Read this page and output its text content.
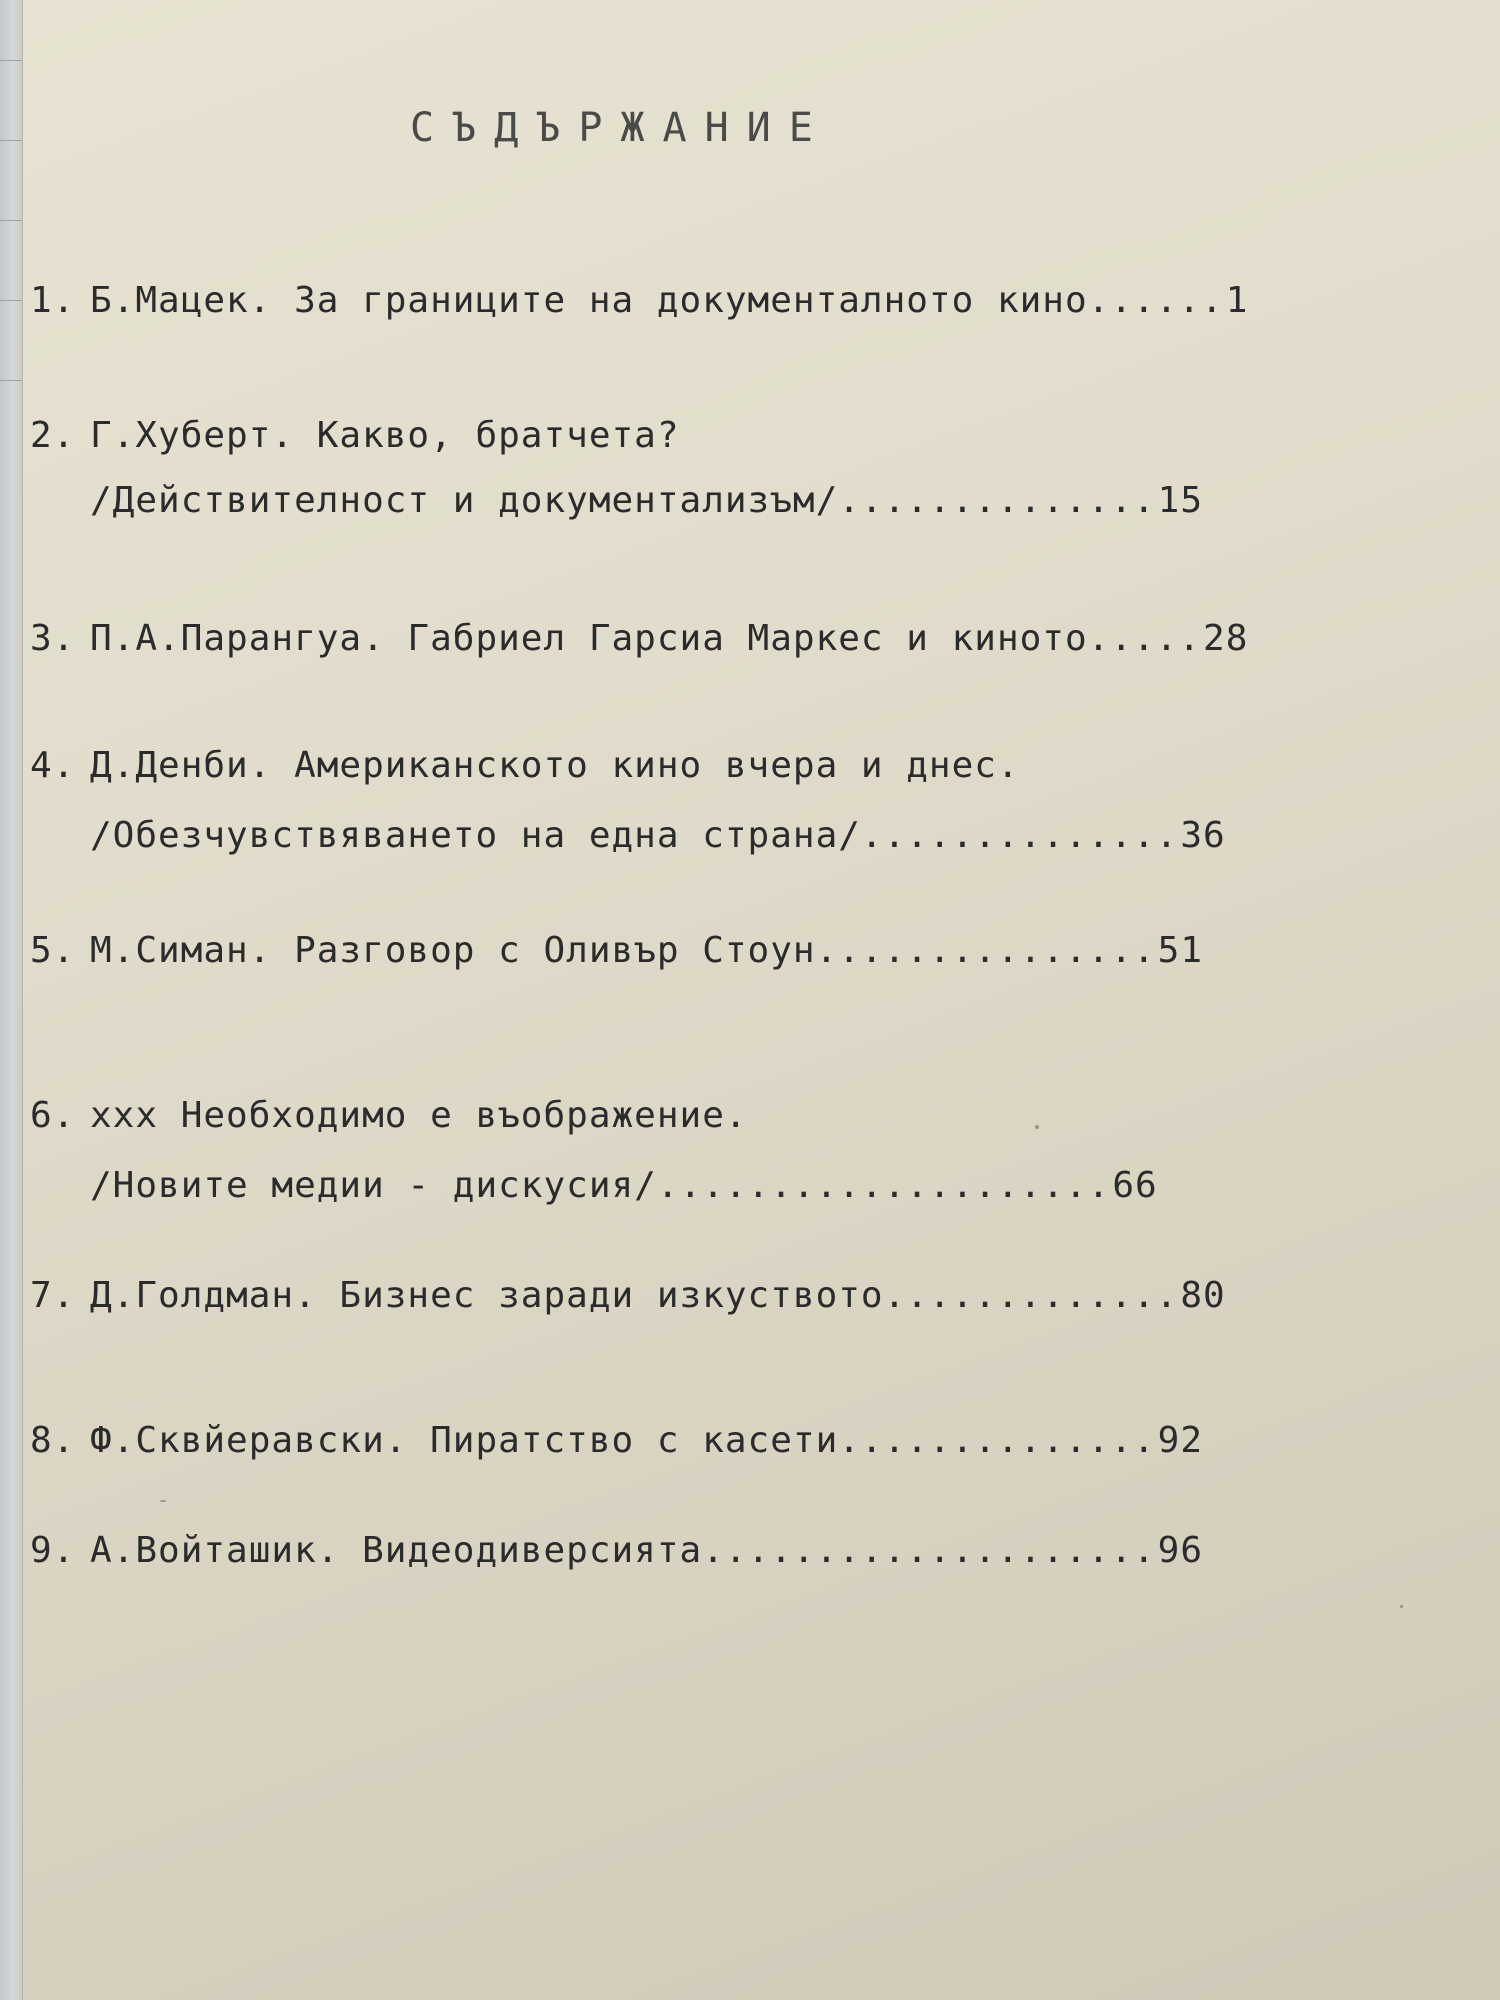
СЪДЪРЖАНИЕ
1. Б.Мацек. За границите на документалното кино......1
2. Г.Хуберт. Какво, братчета?
/Действителност и документализъм/..............15
3. П.А.Парангуа. Габриел Гарсиа Маркес и киното.....28
4. Д.Денби. Американското кино вчера и днес.
/Обезчувствяването на една страна/..............36
5. М.Симан. Разговор с Оливър Стоун...............51
6. ххх Необходимо е въображение.
/Новите медии - дискусия/....................66
7. Д.Голдман. Бизнес заради изкуството.............80
8. Ф.Сквйеравски. Пиратство с касети..............92
9. А.Войташик. Видеодиверсията....................96
